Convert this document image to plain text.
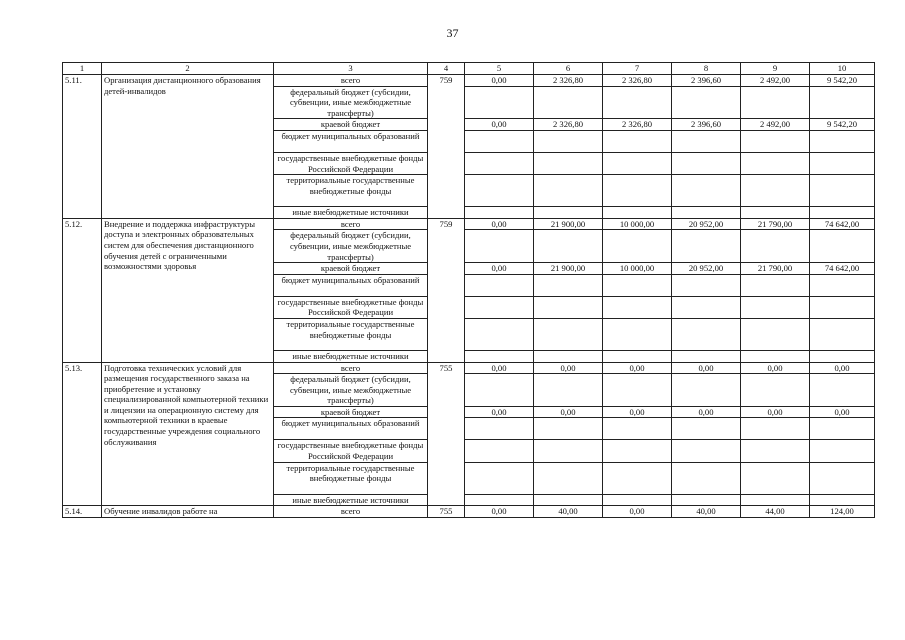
37
1	2	3	4	5	6	7	8	9	10
5.11.	Организация дистанционного образования детей-инвалидов	всего	759	0,00	2 326,80	2 326,80	2 396,60	2 492,00	9 542,20
		федеральный бюджет (субсидии, субвенции, иные межбюджетные трансферты)							
		краевой бюджет		0,00	2 326,80	2 326,80	2 396,60	2 492,00	9 542,20
		бюджет муниципальных образований							
		государственные внебюджетные фонды Российской Федерации							
		территориальные государственные внебюджетные фонды							
		иные внебюджетные источники							
5.12.	Внедрение и поддержка инфраструктуры доступа и электронных образовательных систем для обеспечения дистанционного обучения детей с ограниченными возможностями здоровья	всего	759	0,00	21 900,00	10 000,00	20 952,00	21 790,00	74 642,00
		федеральный бюджет (субсидии, субвенции, иные межбюджетные трансферты)							
		краевой бюджет		0,00	21 900,00	10 000,00	20 952,00	21 790,00	74 642,00
		бюджет муниципальных образований							
		государственные внебюджетные фонды Российской Федерации							
		территориальные государственные внебюджетные фонды							
		иные внебюджетные источники							
5.13.	Подготовка технических условий для размещения государственного заказа на приобретение и установку специализированной компьютерной техники и лицензии на операционную систему для компьютерной техники в краевые государственные учреждения социального обслуживания	всего	755	0,00	0,00	0,00	0,00	0,00	0,00
		федеральный бюджет (субсидии, субвенции, иные межбюджетные трансферты)							
		краевой бюджет		0,00	0,00	0,00	0,00	0,00	0,00
		бюджет муниципальных образований							
		государственные внебюджетные фонды Российской Федерации							
		территориальные государственные внебюджетные фонды							
		иные внебюджетные источники							
5.14.	Обучение инвалидов работе на	всего	755	0,00	40,00	0,00	40,00	44,00	124,00
